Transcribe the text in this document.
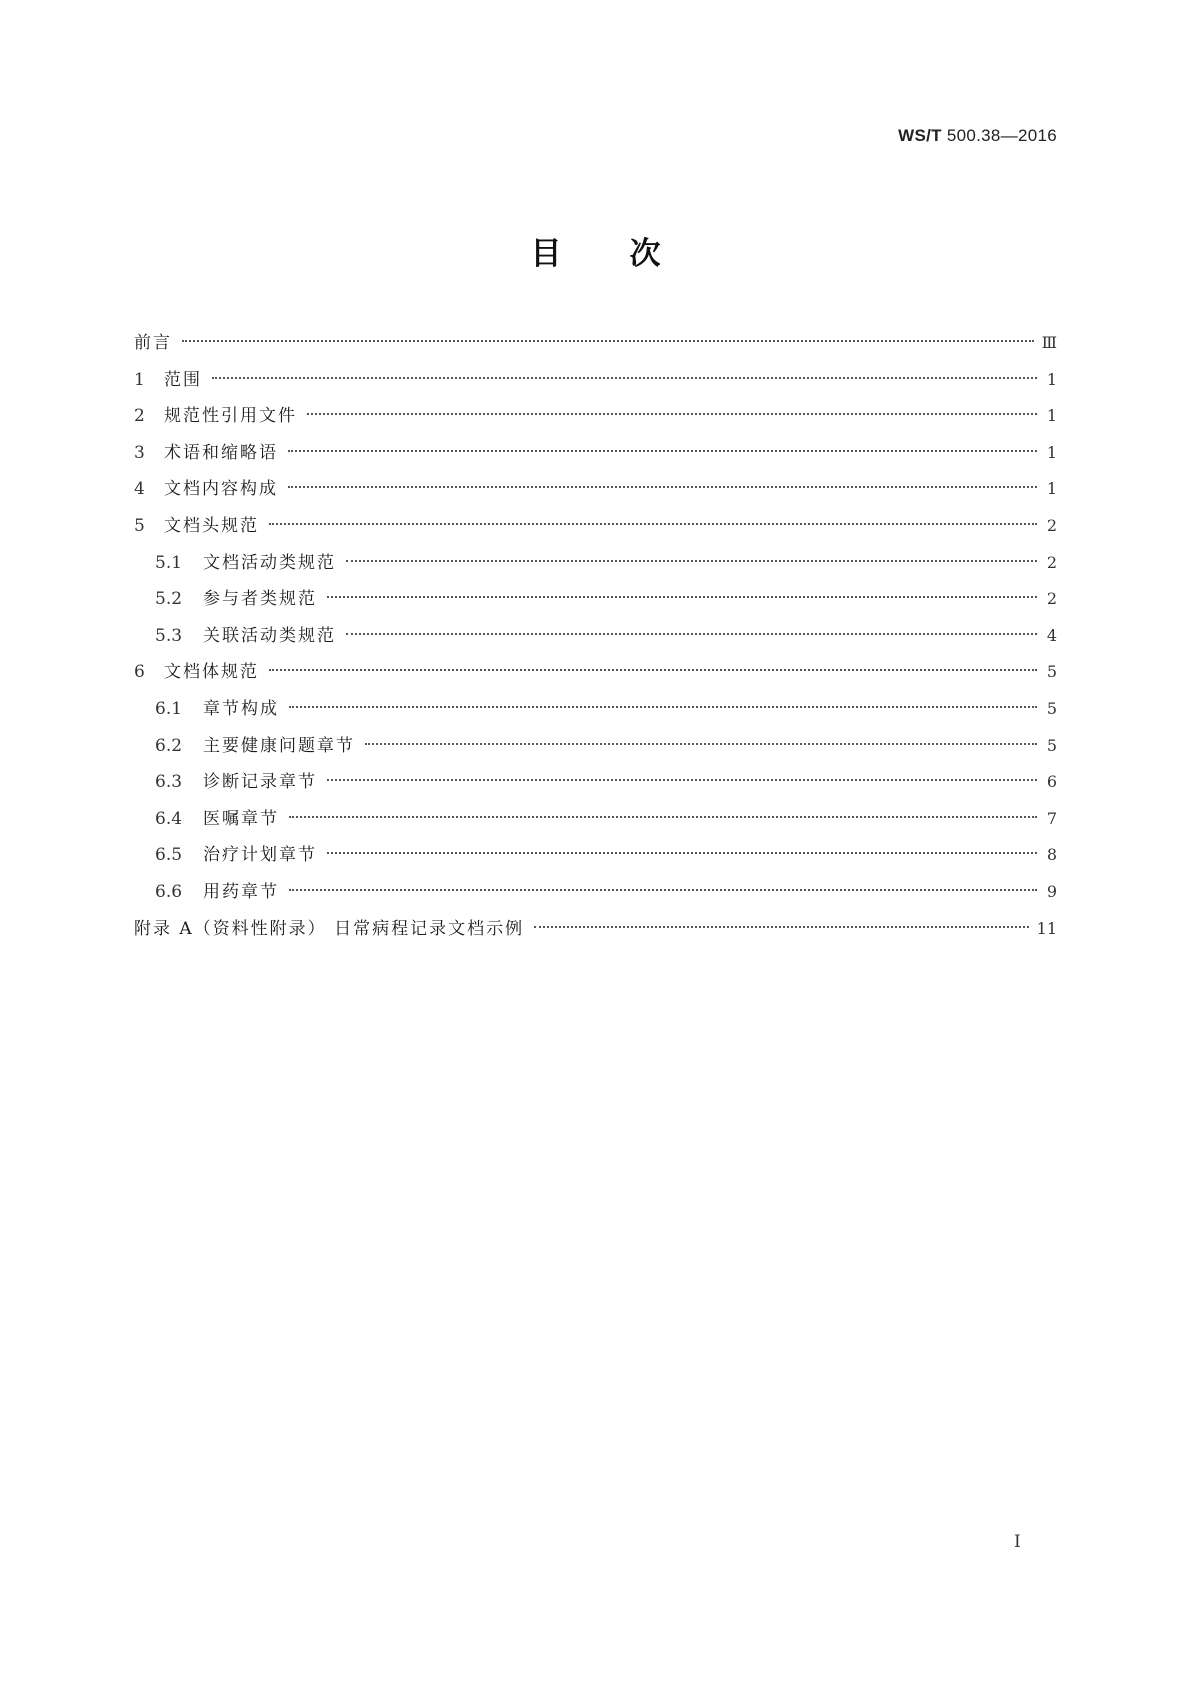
WS/T 500.38—2016
目次
前言	Ⅲ
1	范围	1
2	规范性引用文件	1
3	术语和缩略语	1
4	文档内容构成	1
5	文档头规范	2
5.1	文档活动类规范	2
5.2	参与者类规范	2
5.3	关联活动类规范	4
6	文档体规范	5
6.1	章节构成	5
6.2	主要健康问题章节	5
6.3	诊断记录章节	6
6.4	医嘱章节	7
6.5	治疗计划章节	8
6.6	用药章节	9
附录 A（资料性附录） 日常病程记录文档示例	11
I
